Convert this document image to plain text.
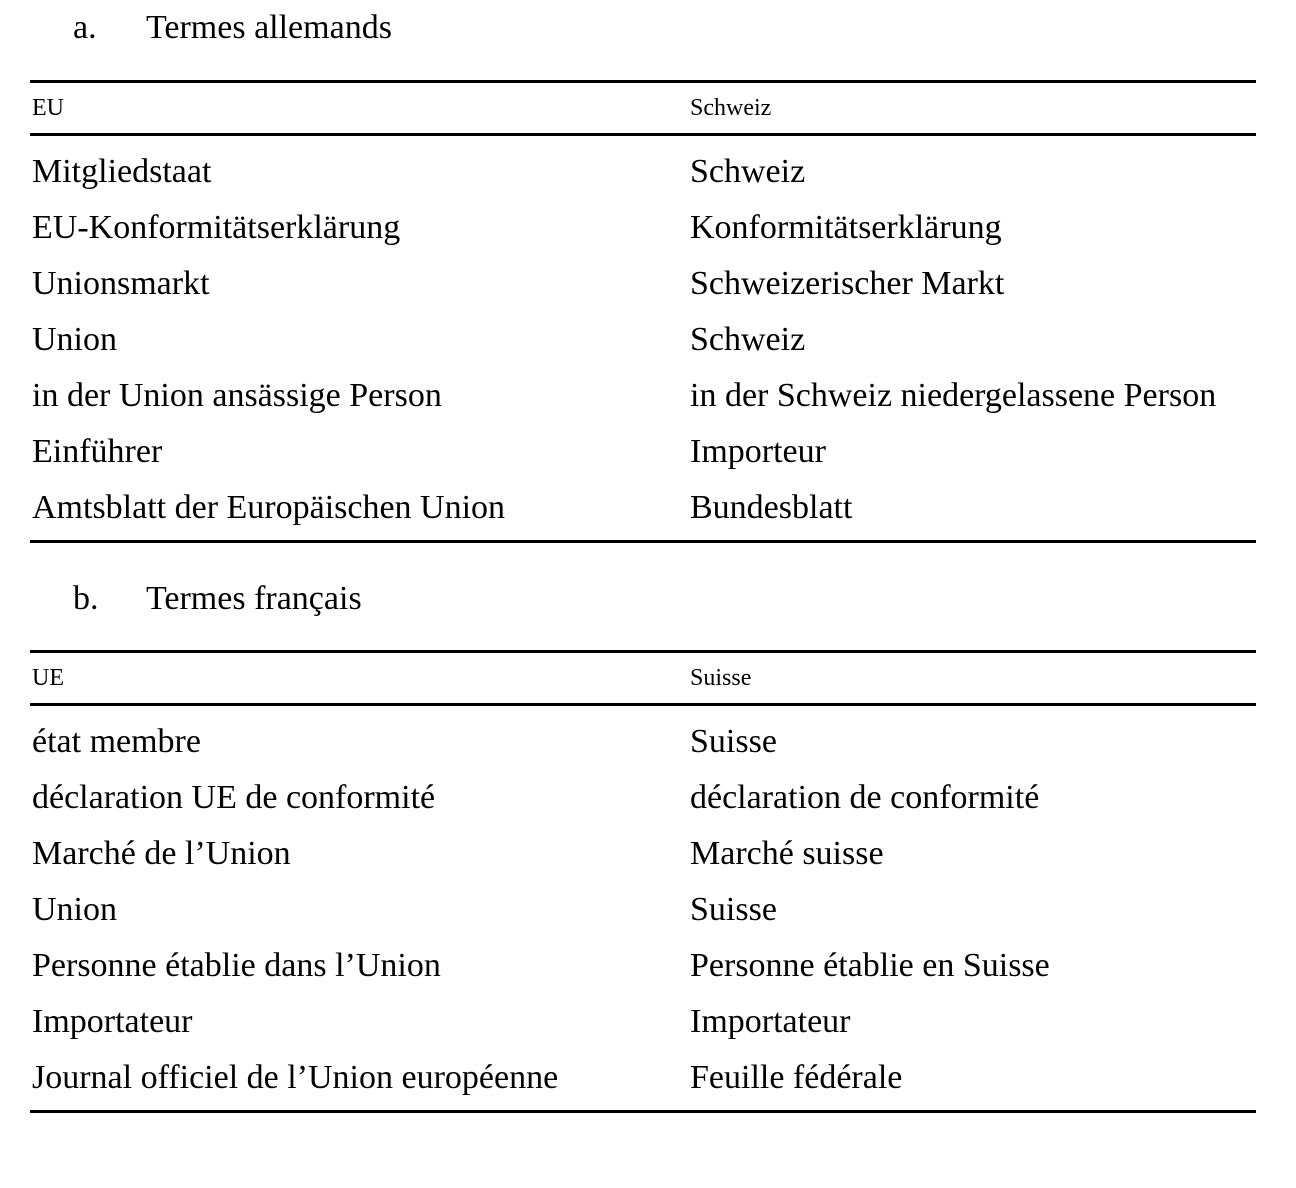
a. Termes allemands
EU	Schweiz
Mitgliedstaat	Schweiz
EU-Konformitätserklärung	Konformitätserklärung
Unionsmarkt	Schweizerischer Markt
Union	Schweiz
in der Union ansässige Person	in der Schweiz niedergelassene Person
Einführer	Importeur
Amtsblatt der Europäischen Union	Bundesblatt
b. Termes français
UE	Suisse
état membre	Suisse
déclaration UE de conformité	déclaration de conformité
Marché de l’Union	Marché suisse
Union	Suisse
Personne établie dans l’Union	Personne établie en Suisse
Importateur	Importateur
Journal officiel de l’Union européenne	Feuille fédérale
